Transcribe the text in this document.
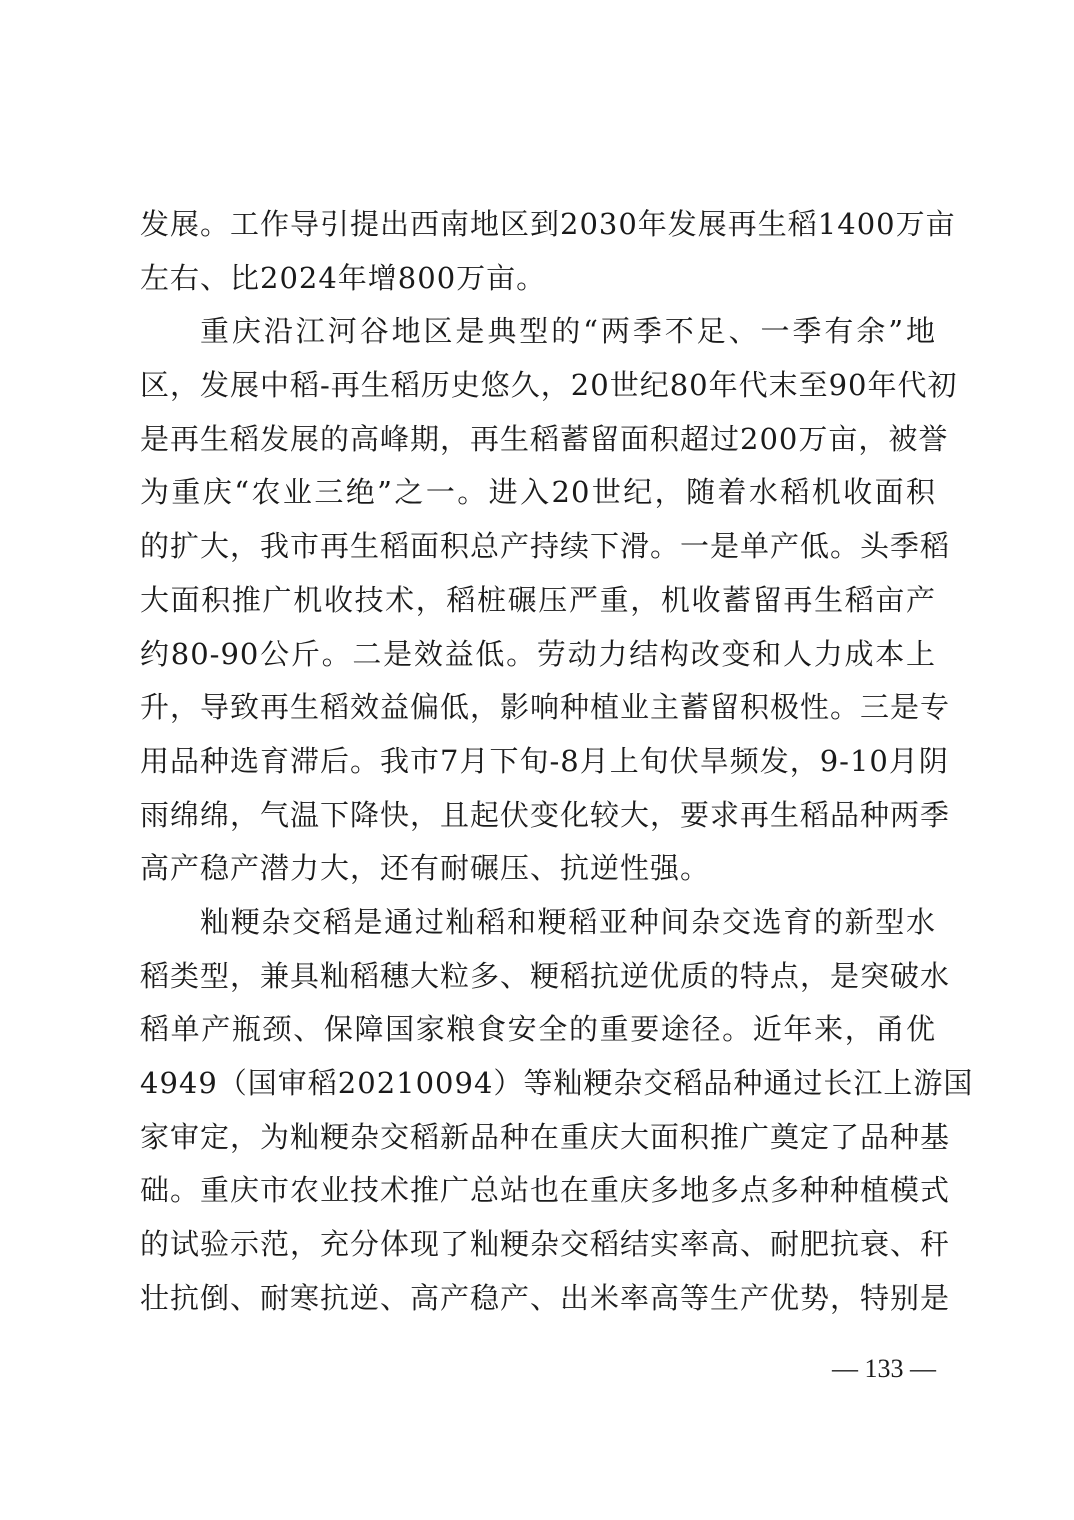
发展。工作导引提出西南地区到2030年发展再生稻1400万亩
左右、比2024年增800万亩。
重庆沿江河谷地区是典型的“两季不足、一季有余”地
区，发展中稻-再生稻历史悠久，20世纪80年代末至90年代初
是再生稻发展的高峰期，再生稻蓄留面积超过200万亩，被誉
为重庆“农业三绝”之一。进入20世纪，随着水稻机收面积
的扩大，我市再生稻面积总产持续下滑。一是单产低。头季稻
大面积推广机收技术，稻桩碾压严重，机收蓄留再生稻亩产
约80-90公斤。二是效益低。劳动力结构改变和人力成本上
升，导致再生稻效益偏低，影响种植业主蓄留积极性。三是专
用品种选育滞后。我市7月下旬-8月上旬伏旱频发，9-10月阴
雨绵绵，气温下降快，且起伏变化较大，要求再生稻品种两季
高产稳产潜力大，还有耐碾压、抗逆性强。
籼粳杂交稻是通过籼稻和粳稻亚种间杂交选育的新型水
稻类型，兼具籼稻穗大粒多、粳稻抗逆优质的特点，是突破水
稻单产瓶颈、保障国家粮食安全的重要途径。近年来，甬优
4949（国审稻20210094）等籼粳杂交稻品种通过长江上游国
家审定，为籼粳杂交稻新品种在重庆大面积推广奠定了品种基
础。重庆市农业技术推广总站也在重庆多地多点多种种植模式
的试验示范，充分体现了籼粳杂交稻结实率高、耐肥抗衰、秆
壮抗倒、耐寒抗逆、高产稳产、出米率高等生产优势，特别是
— 133 —
